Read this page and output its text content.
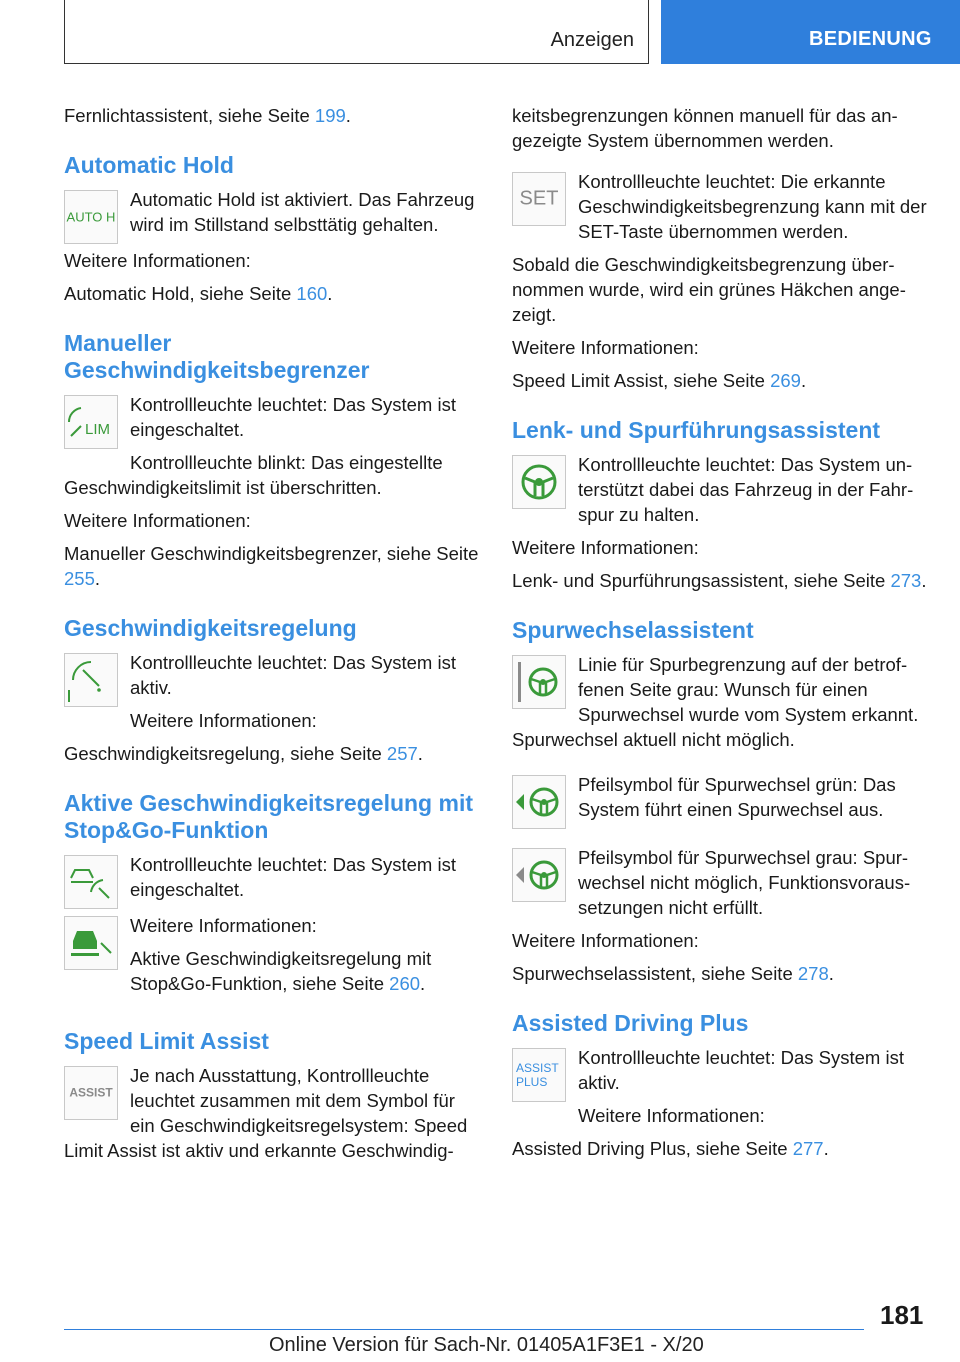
Anzeigen	BEDIENUNG

Fernlichtassistent, siehe Seite 199.

Automatic Hold
AUTO H

Automatic Hold ist aktiviert. Das Fahrzeug wird im Stillstand selbsttätig gehalten.

Weitere Informationen:

Automatic Hold, siehe Seite 160.

Manueller Geschwindigkeitsbegrenzer
LIM

Kontrollleuchte leuchtet: Das System ist eingeschaltet.

Kontrollleuchte blinkt: Das eingestellte Geschwindigkeitslimit ist überschritten.

Weitere Informationen:

Manueller Geschwindigkeitsbegrenzer, siehe Seite 255.

Geschwindigkeitsregelung

Kontrollleuchte leuchtet: Das System ist aktiv.

Weitere Informationen:

Geschwindigkeitsregelung, siehe Seite 257.

Aktive Geschwindigkeitsregelung mit Stop&Go-Funktion

Kontrollleuchte leuchtet: Das System ist eingeschaltet.

Weitere Informationen:

Aktive Geschwindigkeitsregelung mit Stop&Go-Funktion, siehe Seite 260.

Speed Limit Assist
ASSIST

Je nach Ausstattung, Kontrollleuchte leuchtet zusammen mit dem Symbol für ein Geschwindigkeitsregelsystem: Speed Limit Assist ist aktiv und erkannte Geschwindig-

keitsbegrenzungen können manuell für das angezeigte System übernommen werden.

SET

Kontrollleuchte leuchtet: Die erkannte Geschwindigkeitsbegrenzung kann mit der SET-Taste übernommen werden.

Sobald die Geschwindigkeitsbegrenzung übernommen wurde, wird ein grünes Häkchen angezeigt.

Weitere Informationen:

Speed Limit Assist, siehe Seite 269.

Lenk- und Spurführungsassistent

Kontrollleuchte leuchtet: Das System unterstützt dabei das Fahrzeug in der Fahrspur zu halten.

Weitere Informationen:

Lenk- und Spurführungsassistent, siehe Seite 273.

Spurwechselassistent

Linie für Spurbegrenzung auf der betroffenen Seite grau: Wunsch für einen Spurwechsel wurde vom System erkannt. Spurwechsel aktuell nicht möglich.

Pfeilsymbol für Spurwechsel grün: Das System führt einen Spurwechsel aus.

Pfeilsymbol für Spurwechsel grau: Spurwechsel nicht möglich, Funktionsvoraussetzungen nicht erfüllt.

Weitere Informationen:

Spurwechselassistent, siehe Seite 278.

Assisted Driving Plus
ASSIST
PLUS

Kontrollleuchte leuchtet: Das System ist aktiv.

Weitere Informationen:

Assisted Driving Plus, siehe Seite 277.

181
Online Version für Sach-Nr. 01405A1F3E1 - X/20
